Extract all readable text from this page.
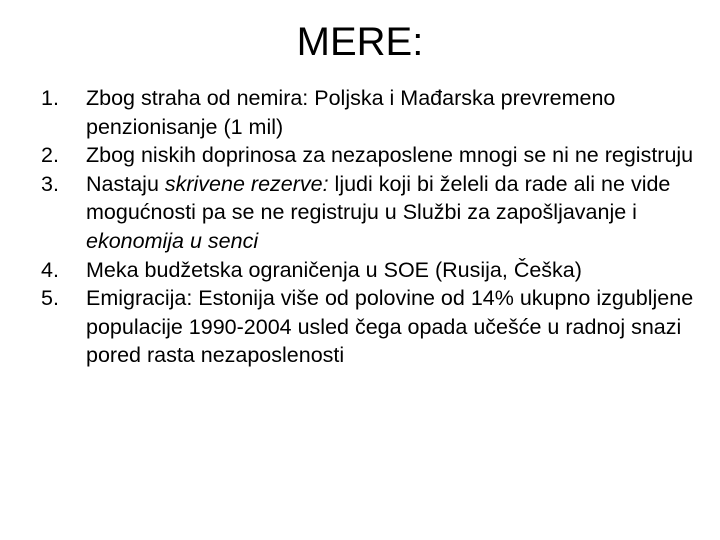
MERE:
1.	Zbog straha od nemira: Poljska i Mađarska prevremeno penzionisanje (1 mil)
2.	Zbog niskih doprinosa za nezaposlene mnogi se ni ne registruju
3.	Nastaju skrivene rezerve: ljudi koji bi želeli da rade ali ne vide mogućnosti pa se ne registruju u Službi za zapošljavanje i ekonomija u senci
4.	Meka budžetska ograničenja u SOE (Rusija, Češka)
5.	Emigracija: Estonija više od polovine od 14% ukupno izgubljene populacije 1990-2004 usled čega opada učešće u radnoj snazi pored rasta nezaposlenosti
